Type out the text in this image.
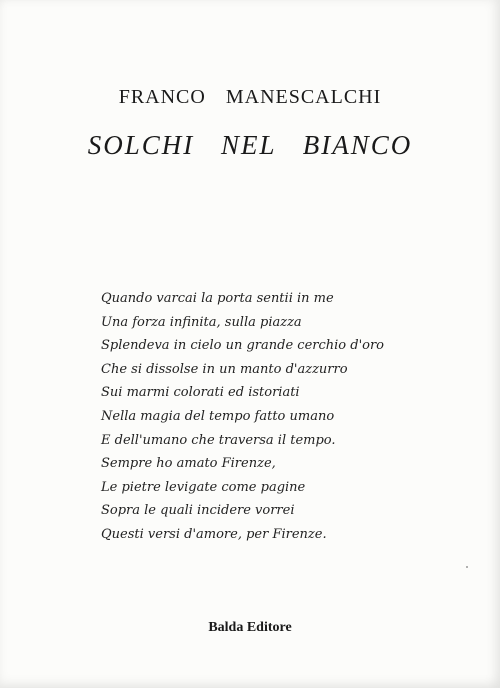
FRANCO MANESCALCHI
SOLCHI NEL BIANCO
Quando varcai la porta sentii in me
Una forza infinita, sulla piazza
Splendeva in cielo un grande cerchio d'oro
Che si dissolse in un manto d'azzurro
Sui marmi colorati ed istoriati
Nella magia del tempo fatto umano
E dell'umano che traversa il tempo.
Sempre ho amato Firenze,
Le pietre levigate come pagine
Sopra le quali incidere vorrei
Questi versi d'amore, per Firenze.
Balda Editore
